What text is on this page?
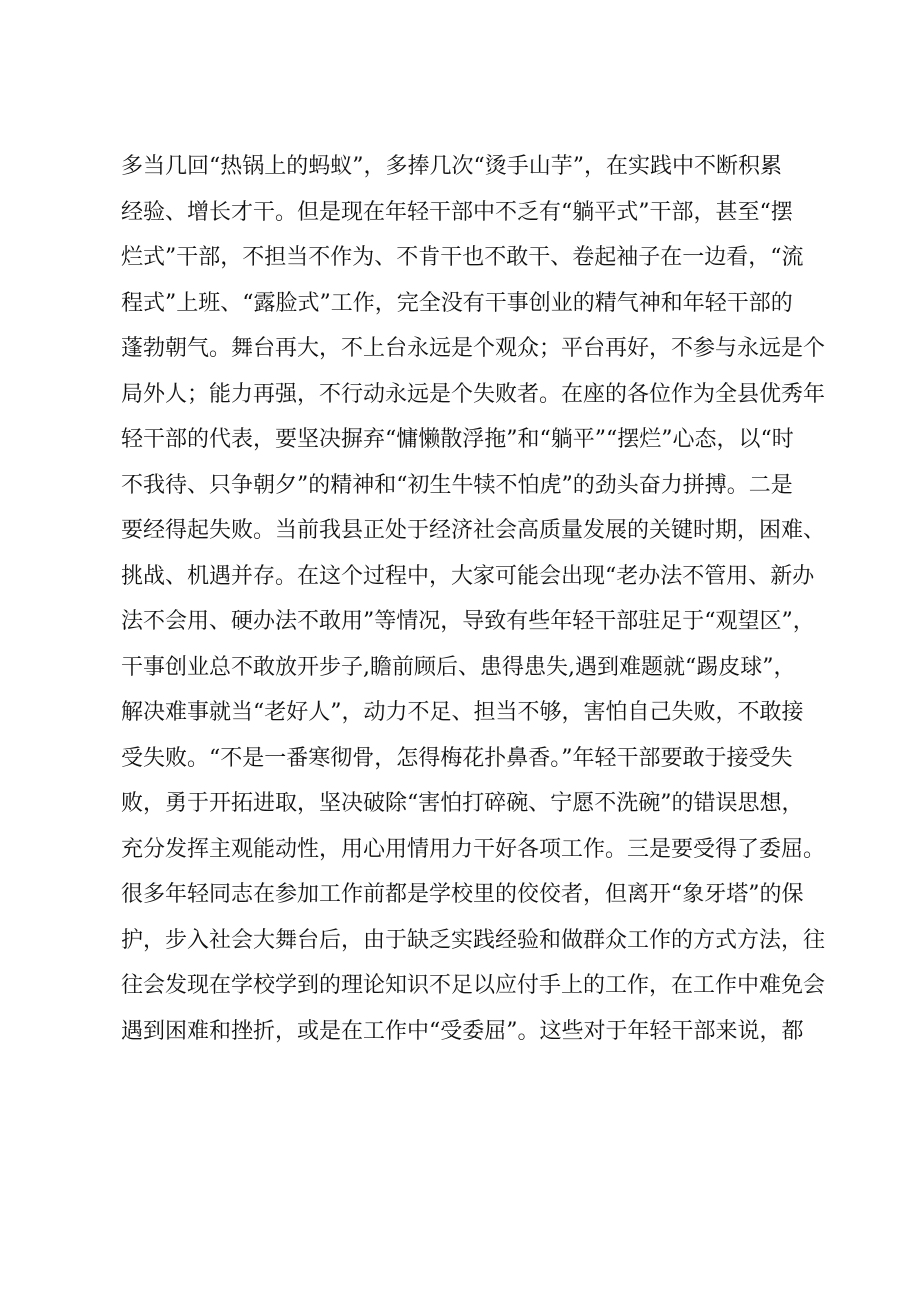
多当几回“热锅上的蚂蚁”，多捧几次“烫手山芋”，在实践中不断积累
经验、增长才干。但是现在年轻干部中不乏有“躺平式”干部，甚至“摆
烂式”干部，不担当不作为、不肯干也不敢干、卷起袖子在一边看，“流
程式”上班、“露脸式”工作，完全没有干事创业的精气神和年轻干部的
蓬勃朝气。舞台再大，不上台永远是个观众；平台再好，不参与永远是个
局外人；能力再强，不行动永远是个失败者。在座的各位作为全县优秀年
轻干部的代表，要坚决摒弃“慵懒散浮拖”和“躺平”“摆烂”心态，以“时
不我待、只争朝夕”的精神和“初生牛犊不怕虎”的劲头奋力拼搏。二是
要经得起失败。当前我县正处于经济社会高质量发展的关键时期，困难、
挑战、机遇并存。在这个过程中，大家可能会出现“老办法不管用、新办
法不会用、硬办法不敢用”等情况，导致有些年轻干部驻足于“观望区”，
干事创业总不敢放开步子,瞻前顾后、患得患失,遇到难题就“踢皮球”，
解决难事就当“老好人”，动力不足、担当不够，害怕自己失败，不敢接
受失败。“不是一番寒彻骨，怎得梅花扑鼻香。”年轻干部要敢于接受失
败，勇于开拓进取，坚决破除“害怕打碎碗、宁愿不洗碗”的错误思想，
充分发挥主观能动性，用心用情用力干好各项工作。三是要受得了委屈。
很多年轻同志在参加工作前都是学校里的佼佼者，但离开“象牙塔”的保
护，步入社会大舞台后，由于缺乏实践经验和做群众工作的方式方法，往
往会发现在学校学到的理论知识不足以应付手上的工作，在工作中难免会
遇到困难和挫折，或是在工作中“受委屈”。这些对于年轻干部来说，都
